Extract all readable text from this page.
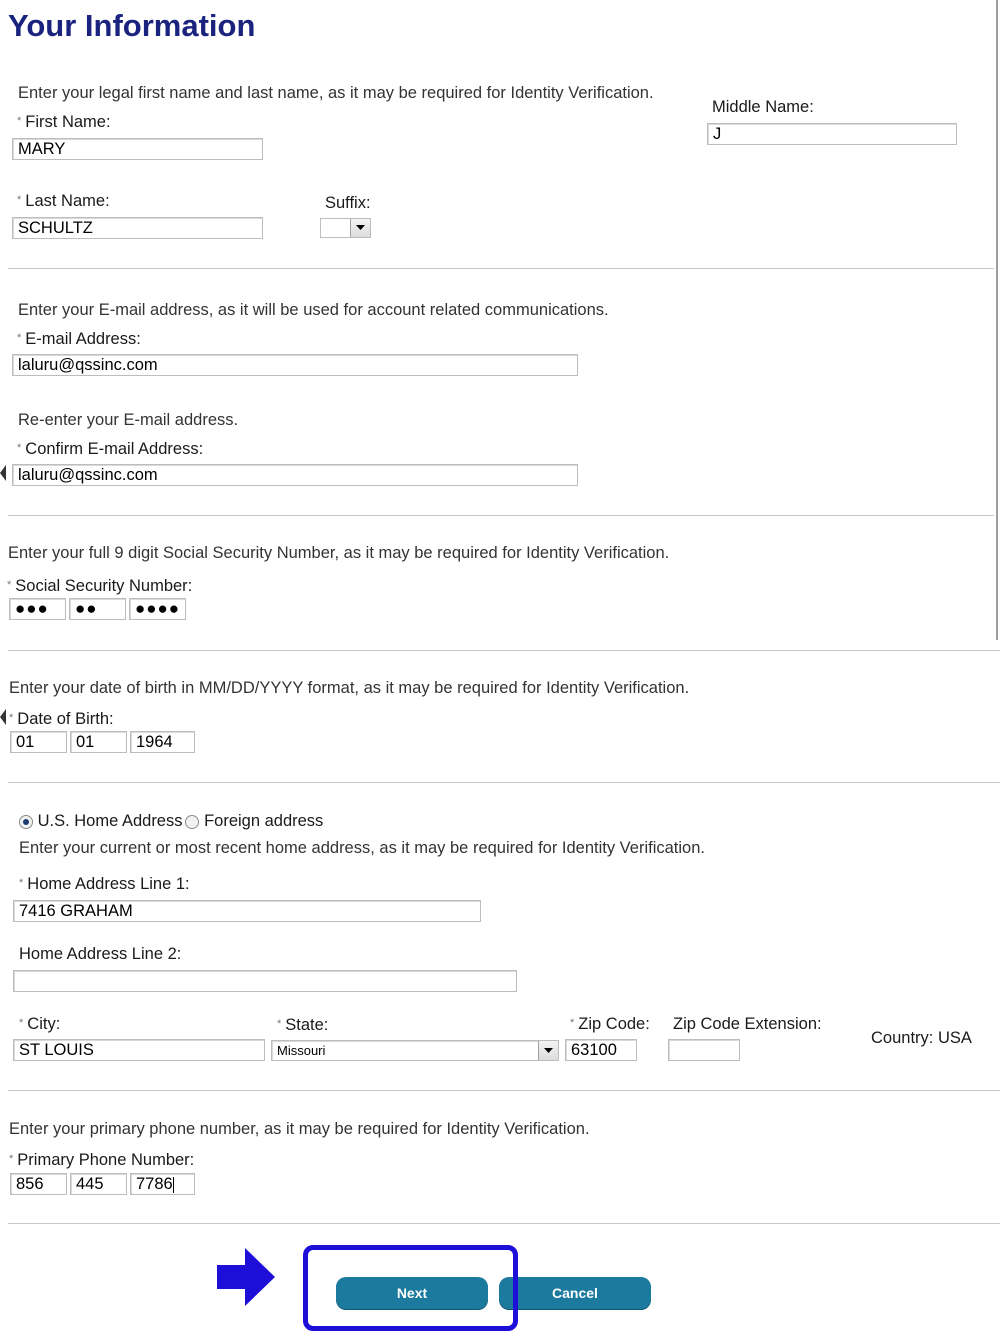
Your Information
Enter your legal first name and last name, as it may be required for Identity Verification.
* First Name:
MARY
Middle Name:
J
* Last Name:
SCHULTZ
Suffix:
Enter your E-mail address, as it will be used for account related communications.
* E-mail Address:
laluru@qssinc.com
Re-enter your E-mail address.
* Confirm E-mail Address:
laluru@qssinc.com
Enter your full 9 digit Social Security Number, as it may be required for Identity Verification.
* Social Security Number:
●●●	●●	●●●●
Enter your date of birth in MM/DD/YYYY format, as it may be required for Identity Verification.
* Date of Birth:
01	01	1964
U.S. Home Address Foreign address
Enter your current or most recent home address, as it may be required for Identity Verification.
* Home Address Line 1:
7416 GRAHAM
Home Address Line 2:
* City:
ST LOUIS
* State:
Missouri
* Zip Code:
63100
Zip Code Extension:
Country: USA
Enter your primary phone number, as it may be required for Identity Verification.
* Primary Phone Number:
856	445	7786
Next	Cancel
